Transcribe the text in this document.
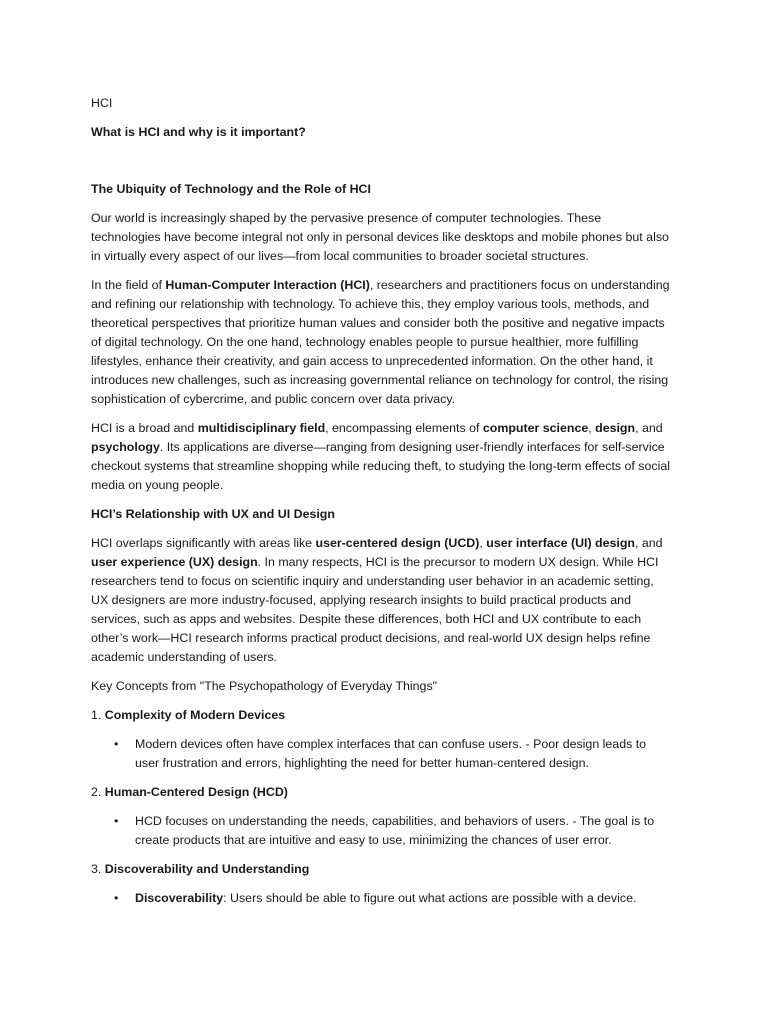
HCI

What is HCI and why is it important?

The Ubiquity of Technology and the Role of HCI

Our world is increasingly shaped by the pervasive presence of computer technologies. These technologies have become integral not only in personal devices like desktops and mobile phones but also in virtually every aspect of our lives—from local communities to broader societal structures.

In the field of Human-Computer Interaction (HCI), researchers and practitioners focus on understanding and refining our relationship with technology. To achieve this, they employ various tools, methods, and theoretical perspectives that prioritize human values and consider both the positive and negative impacts of digital technology. On the one hand, technology enables people to pursue healthier, more fulfilling lifestyles, enhance their creativity, and gain access to unprecedented information. On the other hand, it introduces new challenges, such as increasing governmental reliance on technology for control, the rising sophistication of cybercrime, and public concern over data privacy.

HCI is a broad and multidisciplinary field, encompassing elements of computer science, design, and psychology. Its applications are diverse—ranging from designing user-friendly interfaces for self-service checkout systems that streamline shopping while reducing theft, to studying the long-term effects of social media on young people.

HCI’s Relationship with UX and UI Design

HCI overlaps significantly with areas like user-centered design (UCD), user interface (UI) design, and user experience (UX) design. In many respects, HCI is the precursor to modern UX design. While HCI researchers tend to focus on scientific inquiry and understanding user behavior in an academic setting, UX designers are more industry-focused, applying research insights to build practical products and services, such as apps and websites. Despite these differences, both HCI and UX contribute to each other’s work—HCI research informs practical product decisions, and real-world UX design helps refine academic understanding of users.

Key Concepts from "The Psychopathology of Everyday Things"

1. Complexity of Modern Devices

• Modern devices often have complex interfaces that can confuse users. - Poor design leads to user frustration and errors, highlighting the need for better human-centered design.

2. Human-Centered Design (HCD)

• HCD focuses on understanding the needs, capabilities, and behaviors of users. - The goal is to create products that are intuitive and easy to use, minimizing the chances of user error.

3. Discoverability and Understanding

• Discoverability: Users should be able to figure out what actions are possible with a device.
